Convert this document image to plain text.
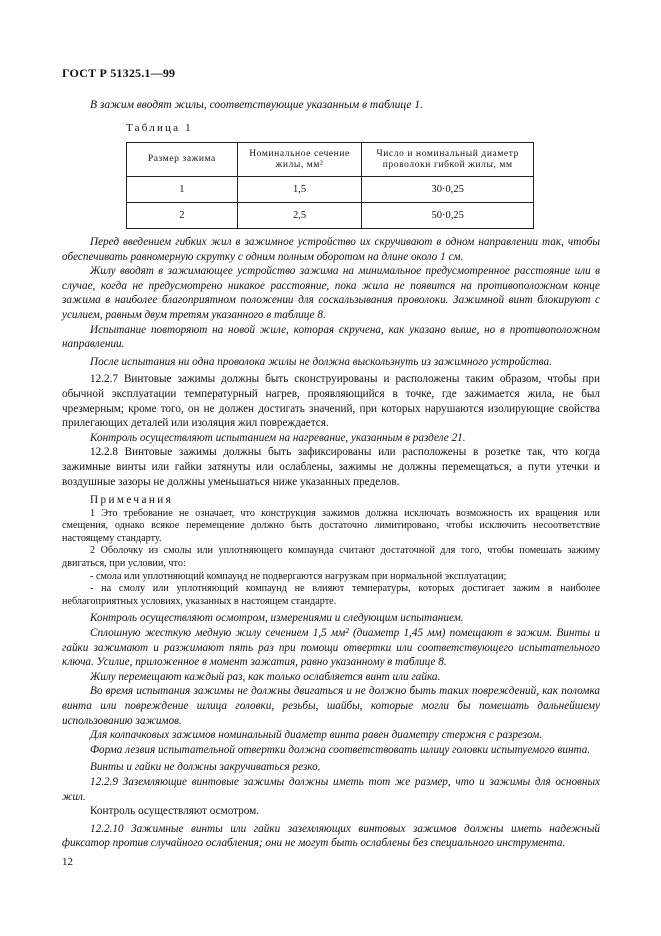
ГОСТ Р 51325.1—99
В зажим вводят жилы, соответствующие указанным в таблице 1.
Таблица 1
Размер зажима	Номинальное сечение жилы, мм²	Число и номинальный диаметр проволоки гибкой жилы, мм
1	1,5	30·0,25
2	2,5	50·0,25

Перед введением гибких жил в зажимное устройство их скручивают в одном направлении так, чтобы обеспечивать равномерную скрутку с одним полным оборотом на длине около 1 см.

Жилу вводят в зажимающее устройство зажима на минимальное предусмотренное расстояние или в случае, когда не предусмотрено никакое расстояние, пока жила не появится на противоположном конце зажима в наиболее благоприятном положении для соскальзывания проволоки. Зажимной винт блокируют с усилием, равным двум третям указанного в таблице 8.

Испытание повторяют на новой жиле, которая скручена, как указано выше, но в противоположном направлении.

После испытания ни одна проволока жилы не должна выскользнуть из зажимного устройства.

12.2.7 Винтовые зажимы должны быть сконструированы и расположены таким образом, чтобы при обычной эксплуатации температурный нагрев, проявляющийся в точке, где зажимается жила, не был чрезмерным; кроме того, он не должен достигать значений, при которых нарушаются изолирующие свойства прилегающих деталей или изоляция жил повреждается.

Контроль осуществляют испытанием на нагревание, указанным в разделе 21.

12.2.8 Винтовые зажимы должны быть зафиксированы или расположены в розетке так, что когда зажимные винты или гайки затянуты или ослаблены, зажимы не должны перемещаться, а пути утечки и воздушные зазоры не должны уменьшаться ниже указанных пределов.

Примечания

1 Это требование не означает, что конструкция зажимов должна исключать возможность их вращения или смещения, однако всякое перемещение должно быть достаточно лимитировано, чтобы исключить несоответствие настоящему стандарту.

2 Оболочку из смолы или уплотняющего компаунда считают достаточной для того, чтобы помешать зажиму двигаться, при условии, что:

- смола или уплотняющий компаунд не подвергаются нагрузкам при нормальной эксплуатации;

- на смолу или уплотняющий компаунд не влияют температуры, которых достигает зажим в наиболее неблагоприятных условиях, указанных в настоящем стандарте.

Контроль осуществляют осмотром, измерениями и следующим испытанием.

Сплошную жесткую медную жилу сечением 1,5 мм² (диаметр 1,45 мм) помещают в зажим. Винты и гайки зажимают и разжимают пять раз при помощи отвертки или соответствующего испытательного ключа. Усилие, приложенное в момент зажатия, равно указанному в таблице 8.

Жилу перемещают каждый раз, как только ослабляется винт или гайка.

Во время испытания зажимы не должны двигаться и не должно быть таких повреждений, как поломка винта или повреждение шлица головки, резьбы, шайбы, которые могли бы помешать дальнейшему использованию зажимов.

Для колпачковых зажимов номинальный диаметр винта равен диаметру стержня с разрезом.

Форма лезвия испытательной отвертки должна соответствовать шлицу головки испытуемого винта.

Винты и гайки не должны закручиваться резко.

12.2.9 Заземляющие винтовые зажимы должны иметь тот же размер, что и зажимы для основных жил.

Контроль осуществляют осмотром.

12.2.10 Зажимные винты или гайки заземляющих винтовых зажимов должны иметь надежный фиксатор против случайного ослабления; они не могут быть ослаблены без специального инструмента.

12
